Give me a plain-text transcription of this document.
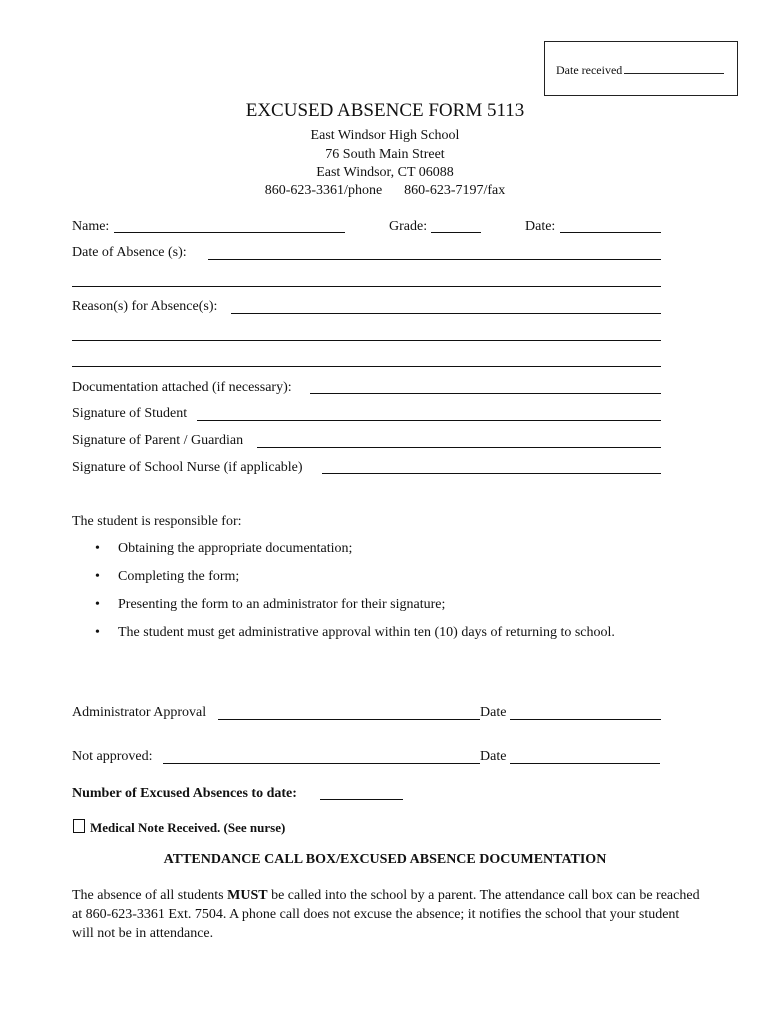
Date received
EXCUSED ABSENCE FORM 5113
East Windsor High School
76 South Main Street
East Windsor, CT 06088
860-623-3361/phone 860-623-7197/fax
Name:	Grade:	Date:
Date of Absence (s):
Reason(s) for Absence(s):
Documentation attached (if necessary):
Signature of Student
Signature of Parent / Guardian
Signature of School Nurse (if applicable)
The student is responsible for:
• Obtaining the appropriate documentation;
• Completing the form;
• Presenting the form to an administrator for their signature;
• The student must get administrative approval within ten (10) days of returning to school.
Administrator Approval	Date
Not approved:	Date
Number of Excused Absences to date:
Medical Note Received. (See nurse)
ATTENDANCE CALL BOX/EXCUSED ABSENCE DOCUMENTATION
The absence of all students MUST be called into the school by a parent. The attendance call box can be reached at 860-623-3361 Ext. 7504. A phone call does not excuse the absence; it notifies the school that your student will not be in attendance.
